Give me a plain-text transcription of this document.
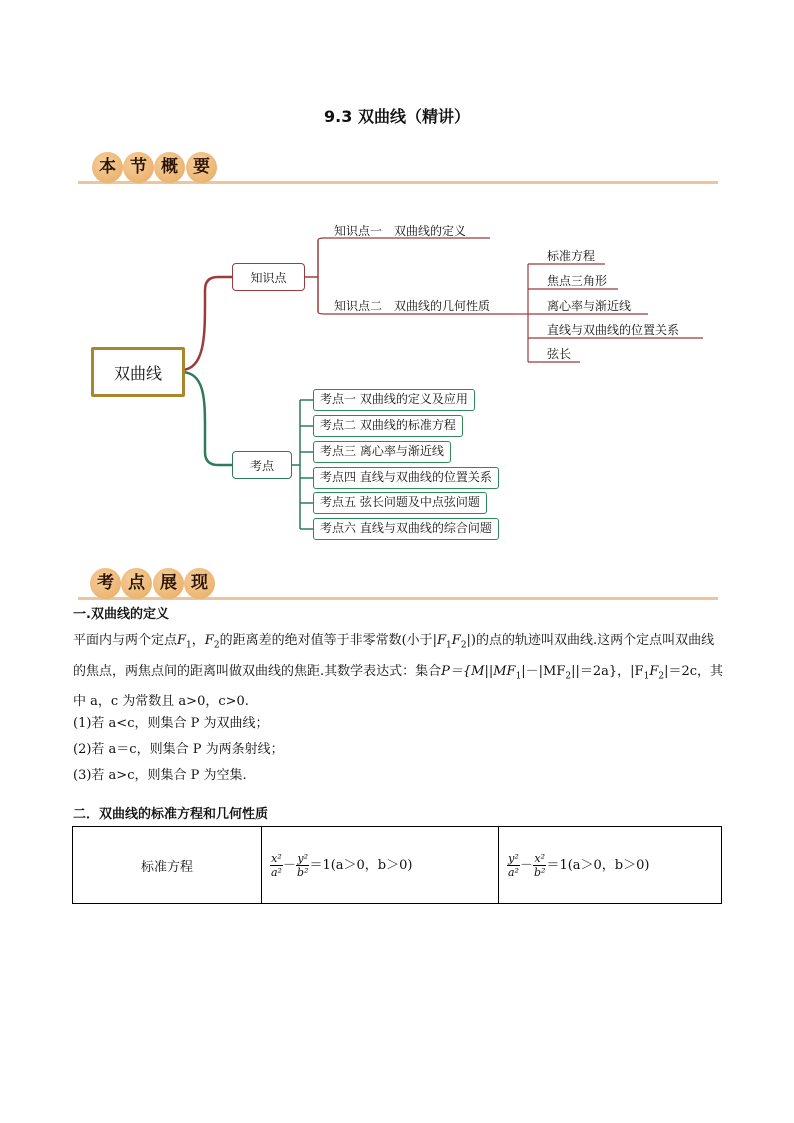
9.3 双曲线（精讲）
本 节 概 要
双曲线
知识点
知识点一　双曲线的定义
知识点二　双曲线的几何性质
标准方程
焦点三角形
离心率与渐近线
直线与双曲线的位置关系
弦长
考点
考点一 双曲线的定义及应用
考点二 双曲线的标准方程
考点三 离心率与渐近线
考点四 直线与双曲线的位置关系
考点五 弦长问题及中点弦问题
考点六 直线与双曲线的综合问题
考 点 展 现
一.双曲线的定义
平面内与两个定点$F_1$，$F_2$的距离差的绝对值等于非零常数(小于$|F_1F_2|$)的点的轨迹叫双曲线.这两个定点叫双曲线的焦点，两焦点间的距离叫做双曲线的焦距.其数学表达式：集合$P=\{M||MF_1|-|MF_2||=2a\}$，$|F_1F_2|=2c$，其中 a，c 为常数且 a>0，c>0.
(1)若 a<c，则集合 P 为双曲线；
(2)若 a＝c，则集合 P 为两条射线；
(3)若 a>c，则集合 P 为空集.
二．双曲线的标准方程和几何性质
标准方程	$\frac{\text{x²}}{\text{a²}} - \frac{\text{y²}}{\text{b²}} =1(a>0$，b＞0)	$\frac{\text{y²}}{\text{a²}} - \frac{\text{x²}}{\text{b²}} =1(a>0$，b＞0)
